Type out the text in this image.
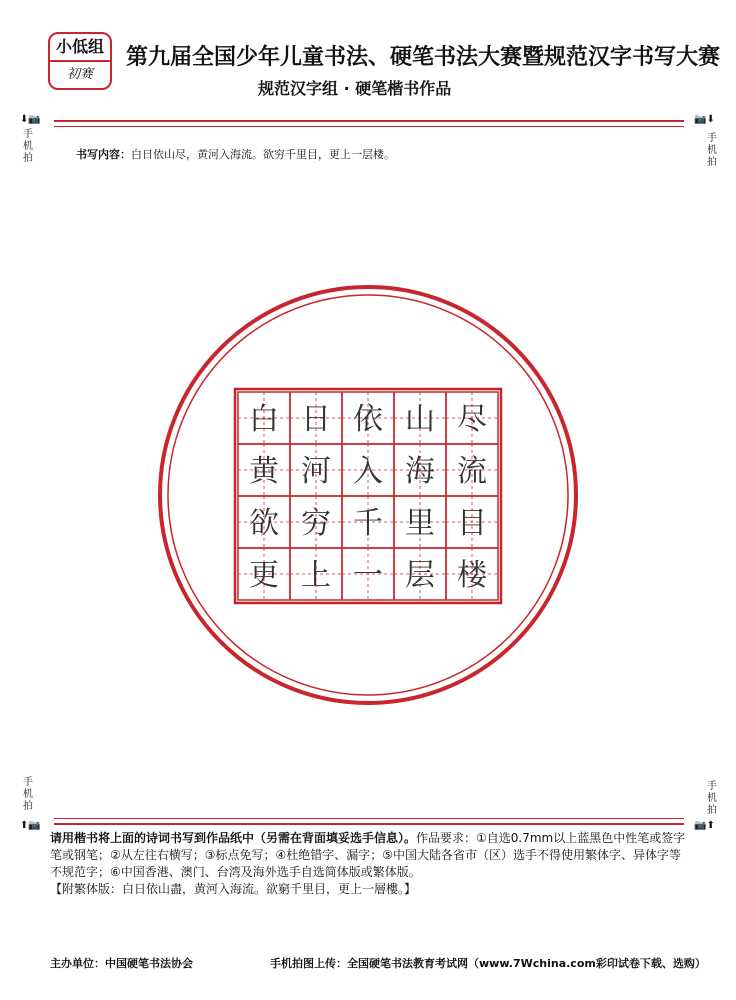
小低组
初赛
第九届全国少年儿童书法、硬笔书法大赛暨规范汉字书写大赛
规范汉字组 · 硬笔楷书作品
⬇📷	📷⬇
手机拍
手机拍
书写内容：白日依山尽，黄河入海流。欲穷千里目，更上一层楼。
白 日 依 山 尽
黄 河 入 海 流
欲 穷 千 里 目
更 上 一 层 楼
手机拍
手机拍
⬆📷	📷⬆
请用楷书将上面的诗词书写到作品纸中（另需在背面填妥选手信息）。作品要求：①自选0.7mm以上蓝黑色中性笔或签字笔或钢笔；②从左往右横写；③标点免写；④杜绝错字、漏字；⑤中国大陆各省市（区）选手不得使用繁体字、异体字等不规范字；⑥中国香港、澳门、台湾及海外选手自选简体版或繁体版。
【附繁体版：白日依山盡，黄河入海流。欲窮千里目，更上一層樓。】
主办单位：中国硬笔书法协会	手机拍图上传：全国硬笔书法教育考试网（www.7Wchina.com彩印试卷下载、选购）
